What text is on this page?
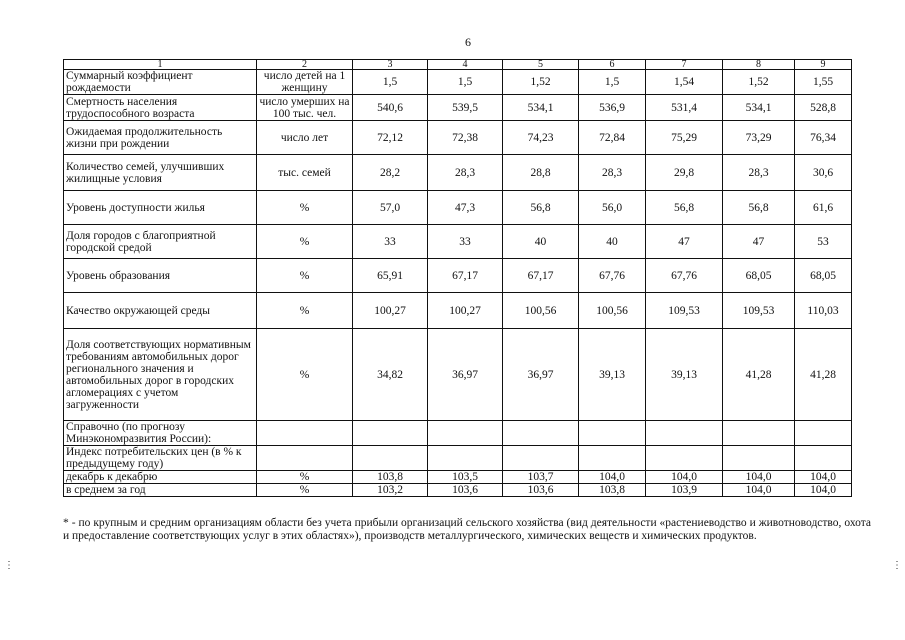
6
1	2	3	4	5	6	7	8	9
Суммарный коэффициент рождаемости	число детей на 1 женщину	1,5	1,5	1,52	1,5	1,54	1,52	1,55
Смертность населения трудоспособного возраста	число умерших на 100 тыс. чел.	540,6	539,5	534,1	536,9	531,4	534,1	528,8
Ожидаемая продолжительность жизни при рождении	число лет	72,12	72,38	74,23	72,84	75,29	73,29	76,34
Количество семей, улучшивших жилищные условия	тыс. семей	28,2	28,3	28,8	28,3	29,8	28,3	30,6
Уровень доступности жилья	%	57,0	47,3	56,8	56,0	56,8	56,8	61,6
Доля городов с благоприятной городской средой	%	33	33	40	40	47	47	53
Уровень образования	%	65,91	67,17	67,17	67,76	67,76	68,05	68,05
Качество окружающей среды	%	100,27	100,27	100,56	100,56	109,53	109,53	110,03
Доля соответствующих нормативным требованиям автомобильных дорог регионального значения и автомобильных дорог в городских агломерациях с учетом загруженности	%	34,82	36,97	36,97	39,13	39,13	41,28	41,28
Справочно (по прогнозу Минэкономразвития России):								
Индекс потребительских цен (в % к предыдущему году)								
декабрь к декабрю	%	103,8	103,5	103,7	104,0	104,0	104,0	104,0
в среднем за год	%	103,2	103,6	103,6	103,8	103,9	104,0	104,0
* - по крупным и средним организациям области без учета прибыли организаций сельского хозяйства (вид деятельности «растениеводство и животноводство, охота и предоставление соответствующих услуг в этих областях»), производств металлургического, химических веществ и химических продуктов.
⋮	⋮
